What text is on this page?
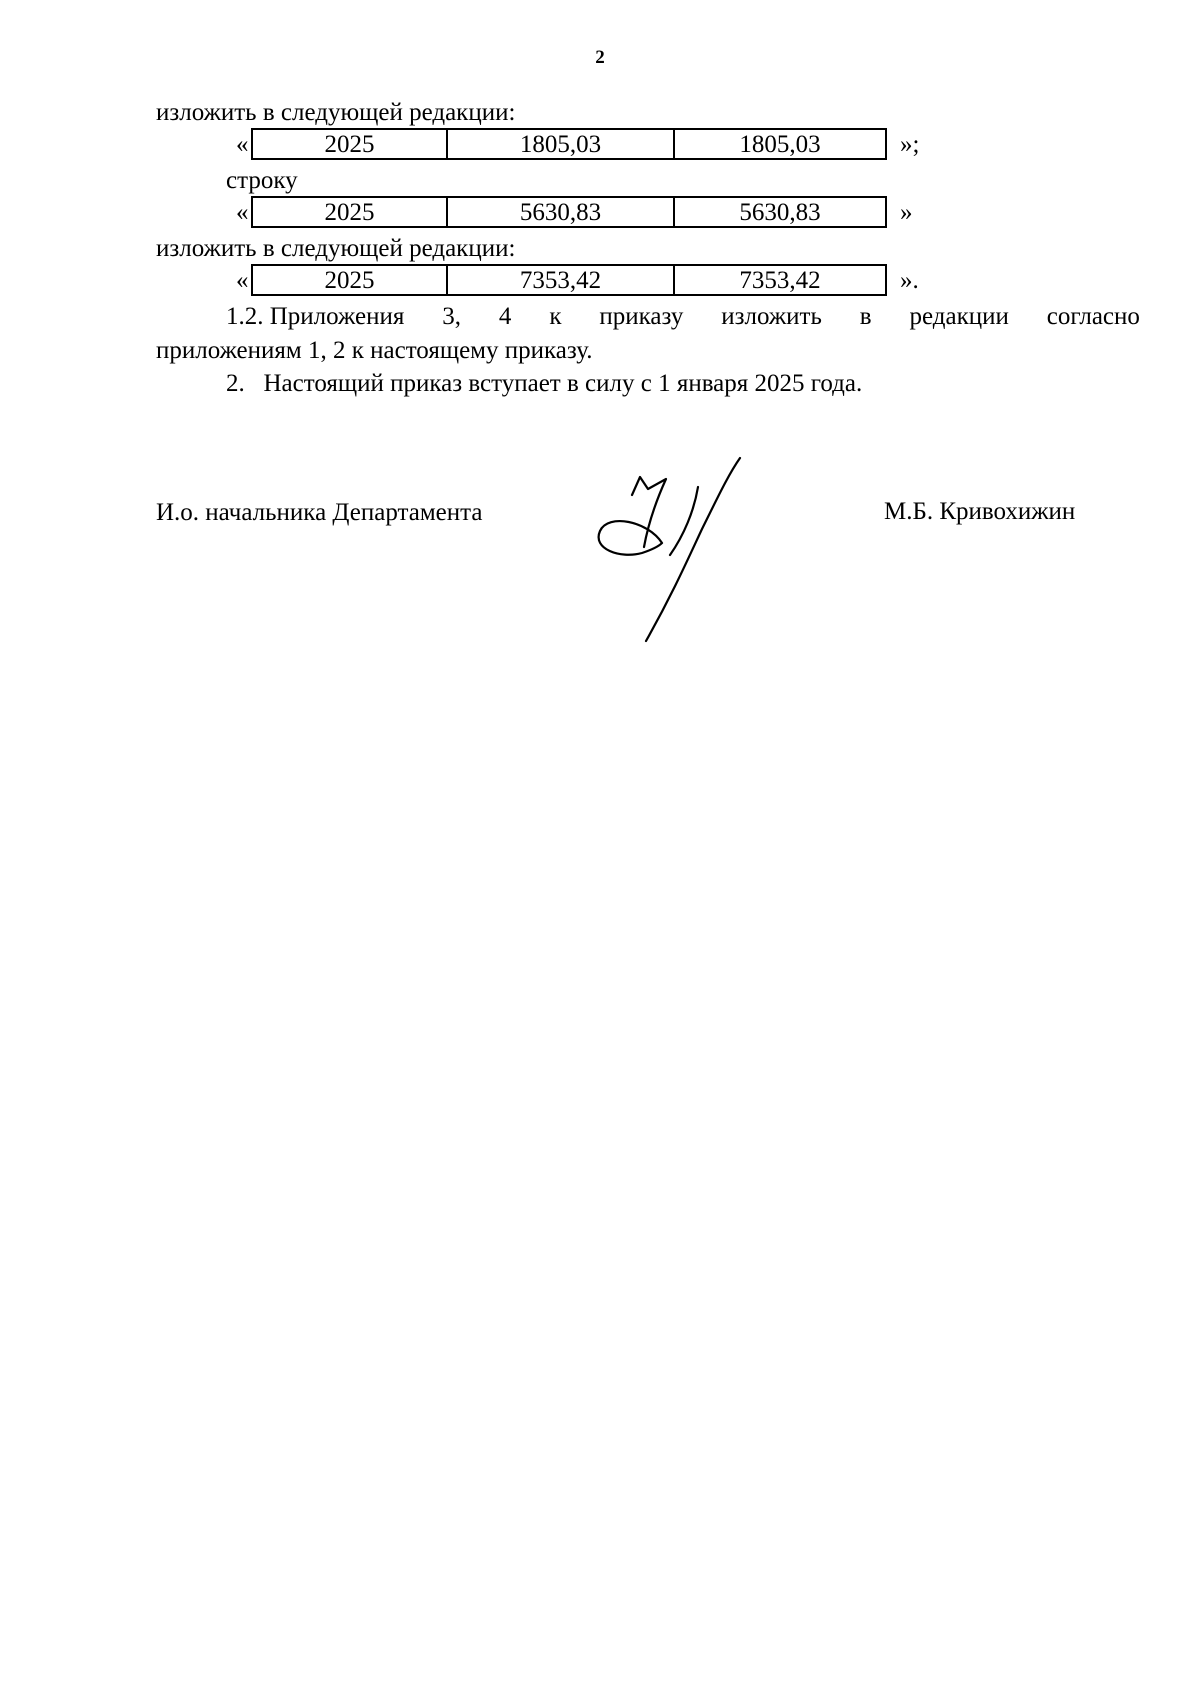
2
изложить в следующей редакции:
«	2025	1805,03	1805,03	»;
строку
«	2025	5630,83	5630,83	»
изложить в следующей редакции:
«	2025	7353,42	7353,42	».
1.2. Приложения 3, 4 к приказу изложить в редакции согласно
приложениям 1, 2 к настоящему приказу.
2.   Настоящий приказ вступает в силу с 1 января 2025 года.
И.о. начальника Департамента	М.Б. Кривохижин
